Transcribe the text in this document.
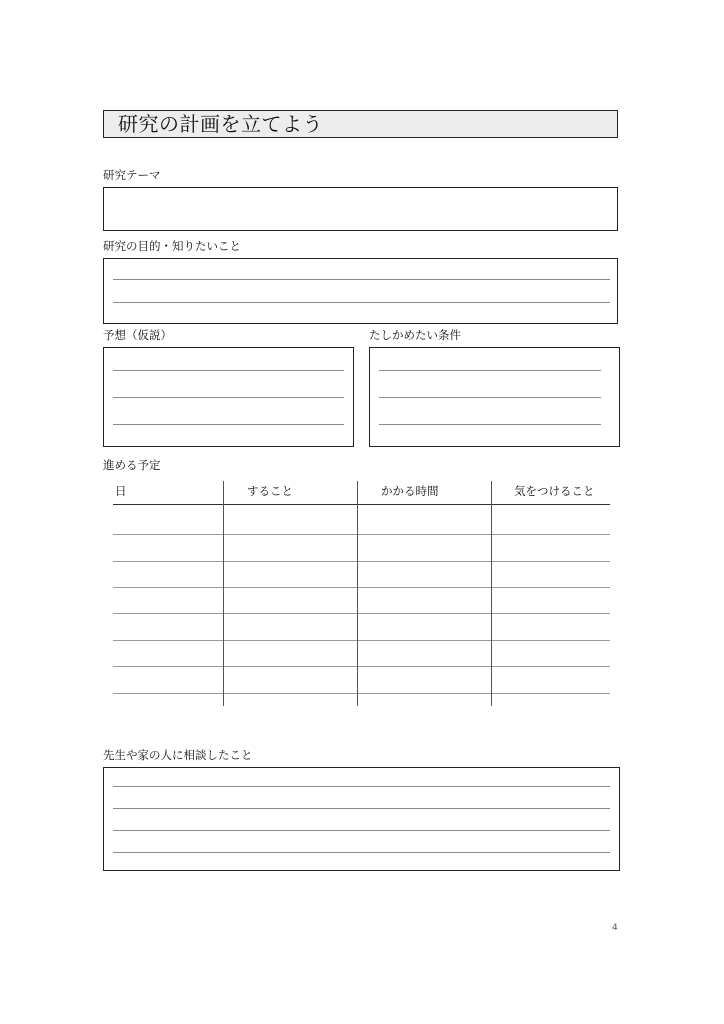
研究の計画を立てよう
研究テーマ
研究の目的・知りたいこと
予想（仮説）	たしかめたい条件
進める予定
日	すること	かかる時間	気をつけること
先生や家の人に相談したこと
4
